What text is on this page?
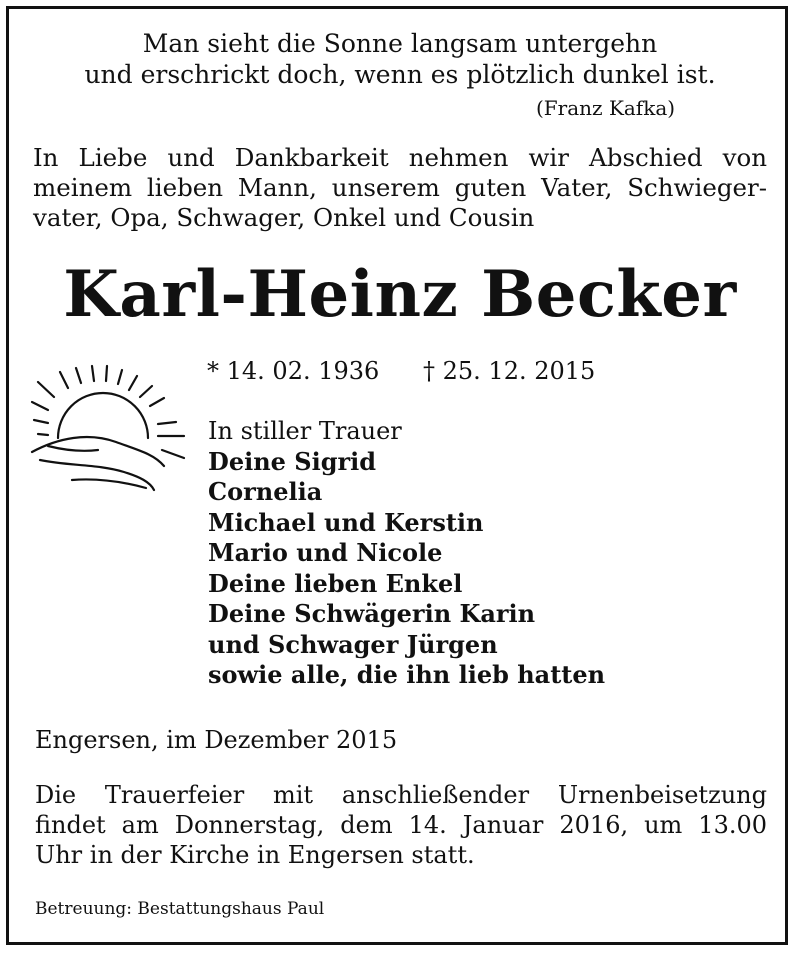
Man sieht die Sonne langsam untergehn
und erschrickt doch, wenn es plötzlich dunkel ist.
(Franz Kafka)
In Liebe und Dankbarkeit nehmen wir Abschied von
meinem lieben Mann, unserem guten Vater, Schwieger-
vater, Opa, Schwager, Onkel und Cousin
Karl-Heinz Becker
* 14. 02. 1936 † 25. 12. 2015
In stiller Trauer
Deine Sigrid
Cornelia
Michael und Kerstin
Mario und Nicole
Deine lieben Enkel
Deine Schwägerin Karin
und Schwager Jürgen
sowie alle, die ihn lieb hatten
Engersen, im Dezember 2015
Die Trauerfeier mit anschließender Urnenbeisetzung
findet am Donnerstag, dem 14. Januar 2016, um 13.00
Uhr in der Kirche in Engersen statt.
Betreuung: Bestattungshaus Paul
